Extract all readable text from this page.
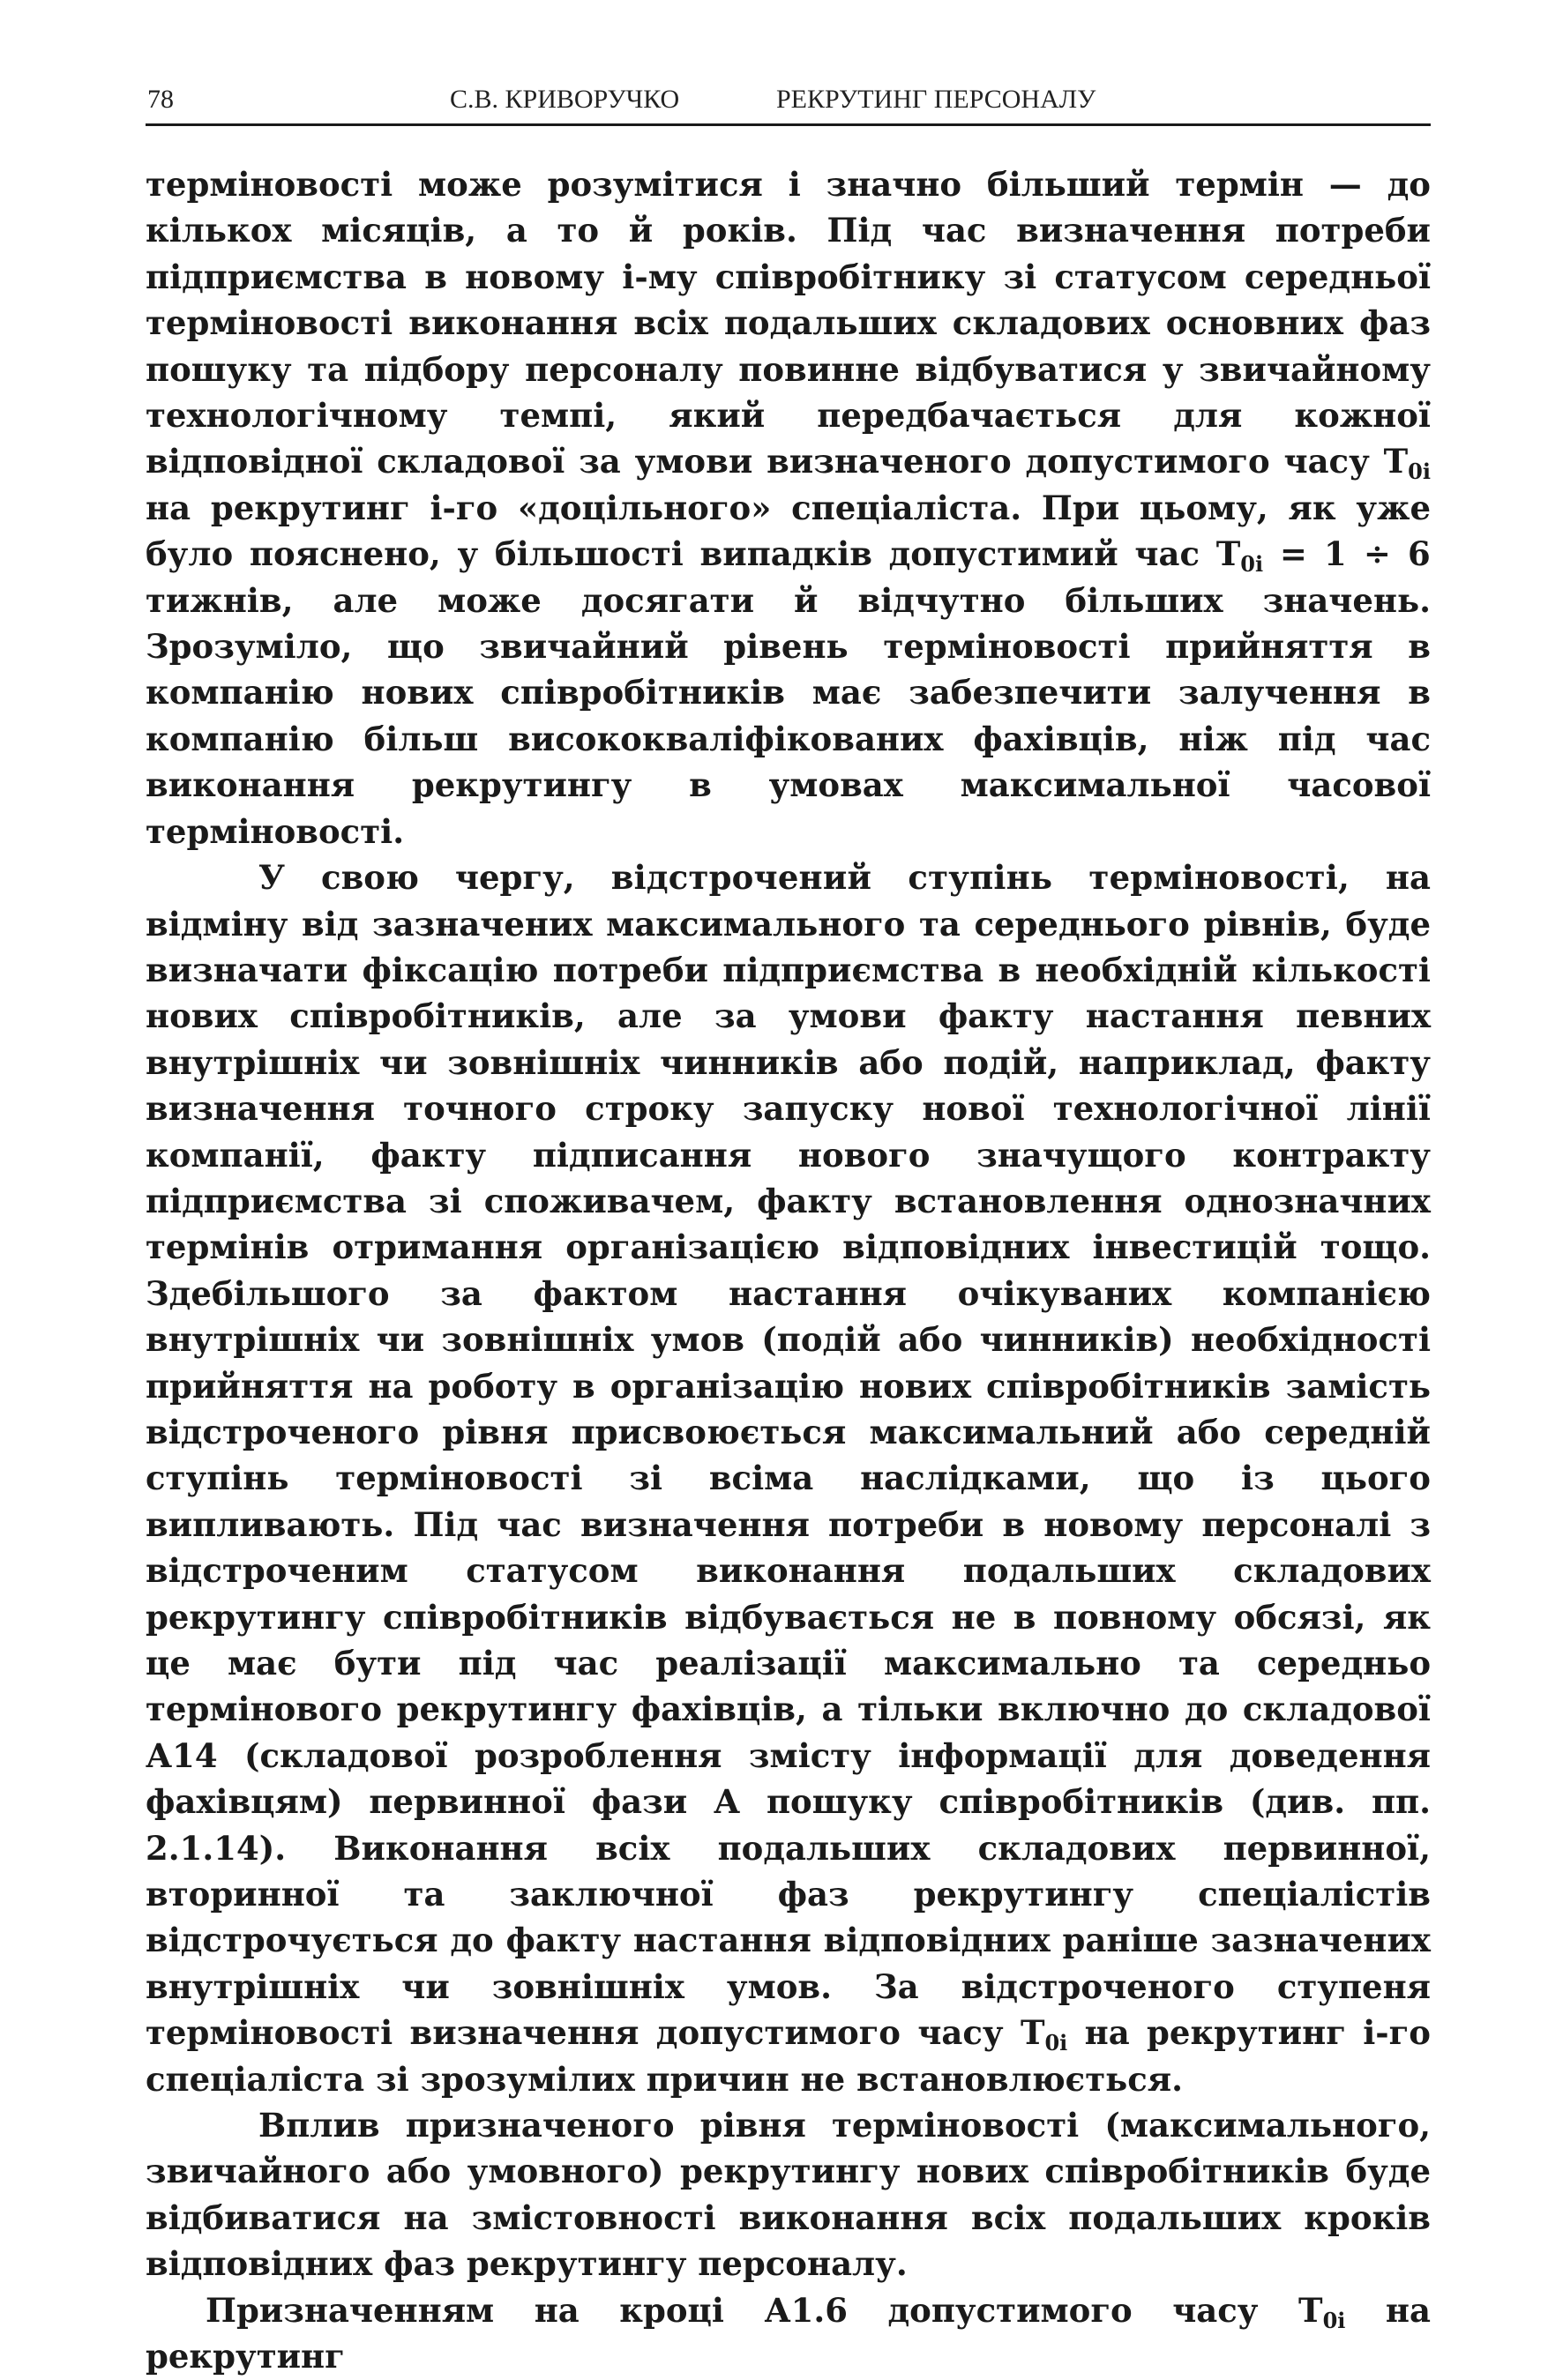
78	С.В. КРИВОРУЧКО	РЕКРУТИНГ ПЕРСОНАЛУ

терміновості може розумітися і значно більший термін — до кількох місяців, а то й років. Під час визначення потреби підприємства в новому і-му співробітнику зі статусом середньої терміновості виконання всіх подальших складових основних фаз пошуку та підбору персоналу повинне відбуватися у звичайному технологічному темпі, який передбачається для кожної відповідної складової за умови визначеного допустимого часу $T_{0i}$ на рекрутинг і-го «доцільного» спеціаліста. При цьому, як уже було пояснено, у більшості випадків допустимий час $T_{0i} = 1 \div 6$ тижнів, але може досягати й відчутно більших значень. Зрозуміло, що звичайний рівень терміновості прийняття в компанію нових співробітників має забезпечити залучення в компанію більш висококваліфікованих фахівців, ніж під час виконання рекрутингу в умовах максимальної часової терміновості.

У свою чергу, відстрочений ступінь терміновості, на відміну від зазначених максимального та середнього рівнів, буде визначати фіксацію потреби підприємства в необхідній кількості нових співробітників, але за умови факту настання певних внутрішніх чи зовнішніх чинників або подій, наприклад, факту визначення точного строку запуску нової технологічної лінії компанії, факту підписання нового значущого контракту підприємства зі споживачем, факту встановлення однозначних термінів отримання організацією відповідних інвестицій тощо. Здебільшого за фактом настання очікуваних компанією внутрішніх чи зовнішніх умов (подій або чинників) необхідності прийняття на роботу в організацію нових співробітників замість відстроченого рівня присвоюється максимальний або середній ступінь терміновості зі всіма наслідками, що із цього випливають. Під час визначення потреби в новому персоналі з відстроченим статусом виконання подальших складових рекрутингу співробітників відбувається не в повному обсязі, як це має бути під час реалізації максимально та середньо термінового рекрутингу фахівців, а тільки включно до складової А14 (складової розроблення змісту інформації для доведення фахівцям) первинної фази А пошуку співробітників (див. пп. 2.1.14). Виконання всіх подальших складових первинної, вторинної та заключної фаз рекрутингу спеціалістів відстрочується до факту настання відповідних раніше зазначених внутрішніх чи зовнішніх умов. За відстроченого ступеня терміновості визначення допустимого часу $T_{0i}$ на рекрутинг і-го спеціаліста зі зрозумілих причин не встановлюється.

Вплив призначеного рівня терміновості (максимального, звичайного або умовного) рекрутингу нових співробітників буде відбиватися на змістовності виконання всіх подальших кроків відповідних фаз рекрутингу персоналу.

Призначенням на кроці А1.6 допустимого часу $T_{0i}$ на рекрутинг
